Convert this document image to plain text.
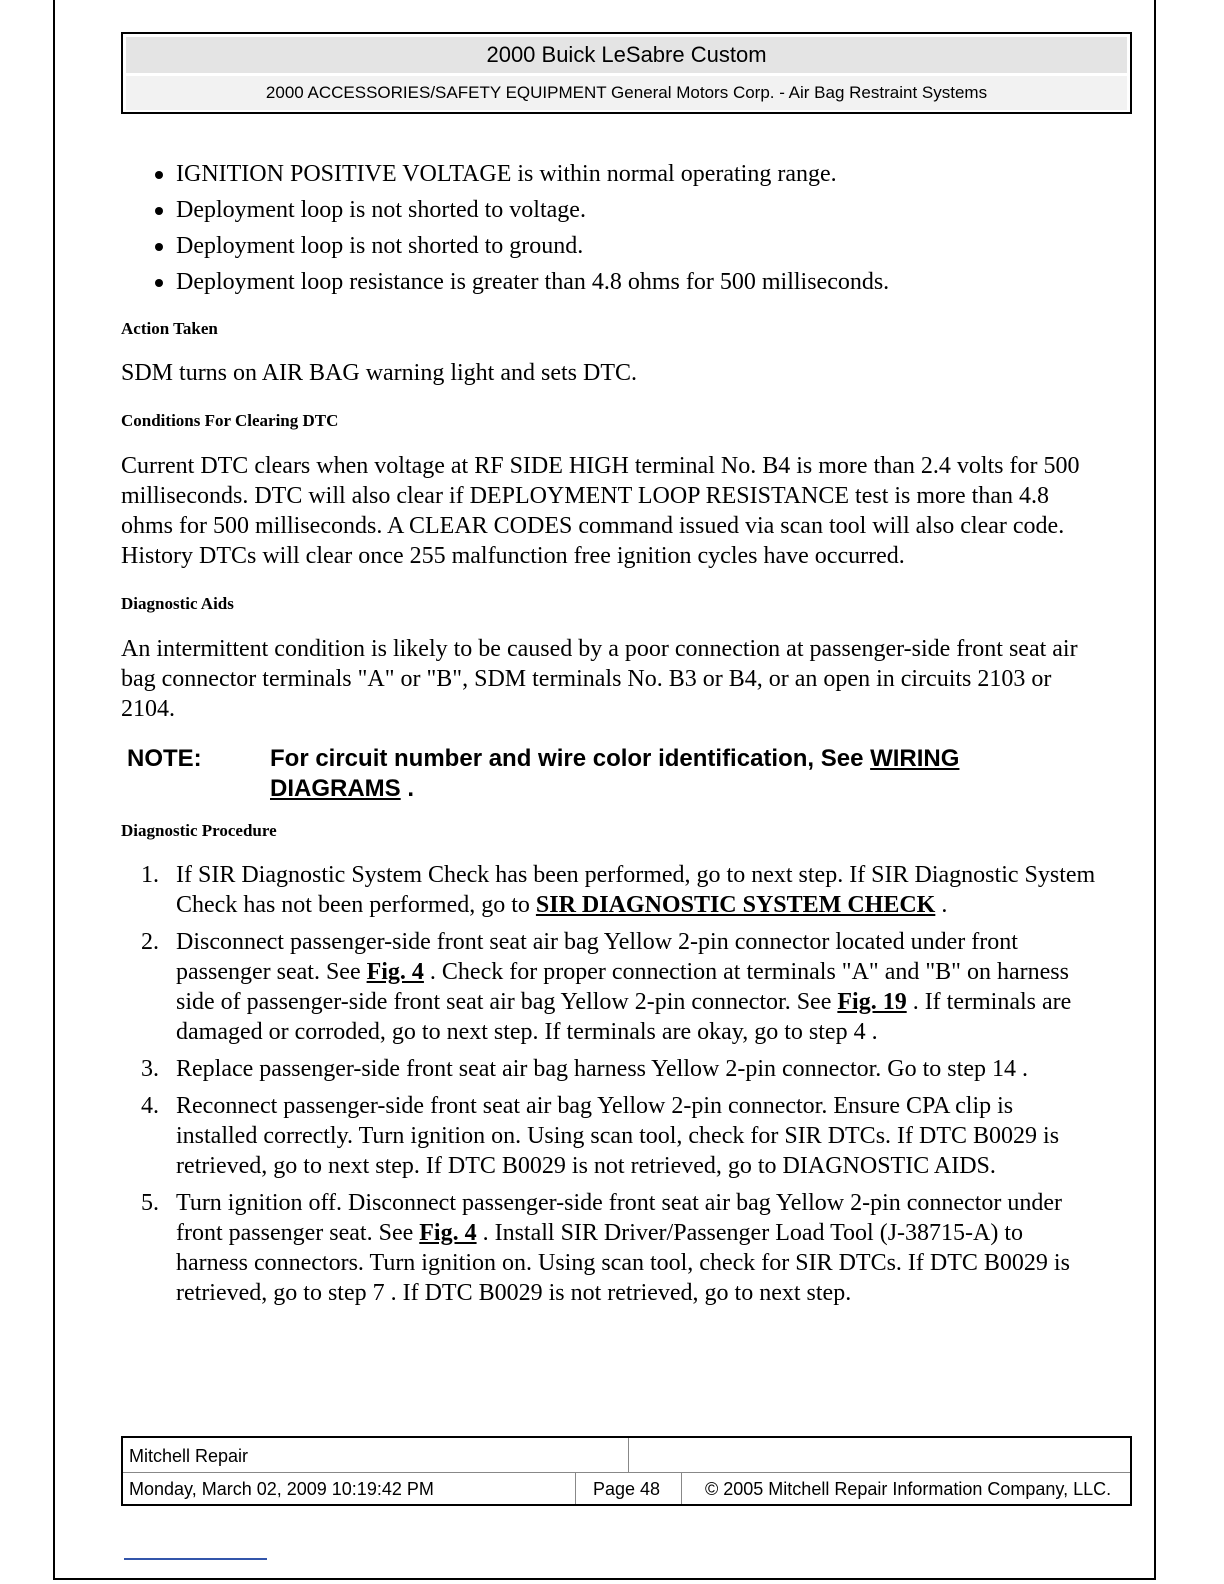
2000 Buick LeSabre Custom
2000 ACCESSORIES/SAFETY EQUIPMENT General Motors Corp. - Air Bag Restraint Systems
IGNITION POSITIVE VOLTAGE is within normal operating range.
Deployment loop is not shorted to voltage.
Deployment loop is not shorted to ground.
Deployment loop resistance is greater than 4.8 ohms for 500 milliseconds.
Action Taken

SDM turns on AIR BAG warning light and sets DTC.

Conditions For Clearing DTC

Current DTC clears when voltage at RF SIDE HIGH terminal No. B4 is more than 2.4 volts for 500 milliseconds. DTC will also clear if DEPLOYMENT LOOP RESISTANCE test is more than 4.8 ohms for 500 milliseconds. A CLEAR CODES command issued via scan tool will also clear code. History DTCs will clear once 255 malfunction free ignition cycles have occurred.

Diagnostic Aids

An intermittent condition is likely to be caused by a poor connection at passenger-side front seat air bag connector terminals "A" or "B", SDM terminals No. B3 or B4, or an open in circuits 2103 or 2104.

NOTE:	For circuit number and wire color identification, See WIRING DIAGRAMS .
Diagnostic Procedure
1. If SIR Diagnostic System Check has been performed, go to next step. If SIR Diagnostic System Check has not been performed, go to SIR DIAGNOSTIC SYSTEM CHECK .
2. Disconnect passenger-side front seat air bag Yellow 2-pin connector located under front passenger seat. See Fig. 4 . Check for proper connection at terminals "A" and "B" on harness side of passenger-side front seat air bag Yellow 2-pin connector. See Fig. 19 . If terminals are damaged or corroded, go to next step. If terminals are okay, go to step 4 .
3. Replace passenger-side front seat air bag harness Yellow 2-pin connector. Go to step 14 .
4. Reconnect passenger-side front seat air bag Yellow 2-pin connector. Ensure CPA clip is installed correctly. Turn ignition on. Using scan tool, check for SIR DTCs. If DTC B0029 is retrieved, go to next step. If DTC B0029 is not retrieved, go to DIAGNOSTIC AIDS.
5. Turn ignition off. Disconnect passenger-side front seat air bag Yellow 2-pin connector under front passenger seat. See Fig. 4 . Install SIR Driver/Passenger Load Tool (J-38715-A) to harness connectors. Turn ignition on. Using scan tool, check for SIR DTCs. If DTC B0029 is retrieved, go to step 7 . If DTC B0029 is not retrieved, go to next step.
Mitchell Repair
Monday, March 02, 2009 10:19:42 PM	Page 48 © 2005 Mitchell Repair Information Company, LLC.
